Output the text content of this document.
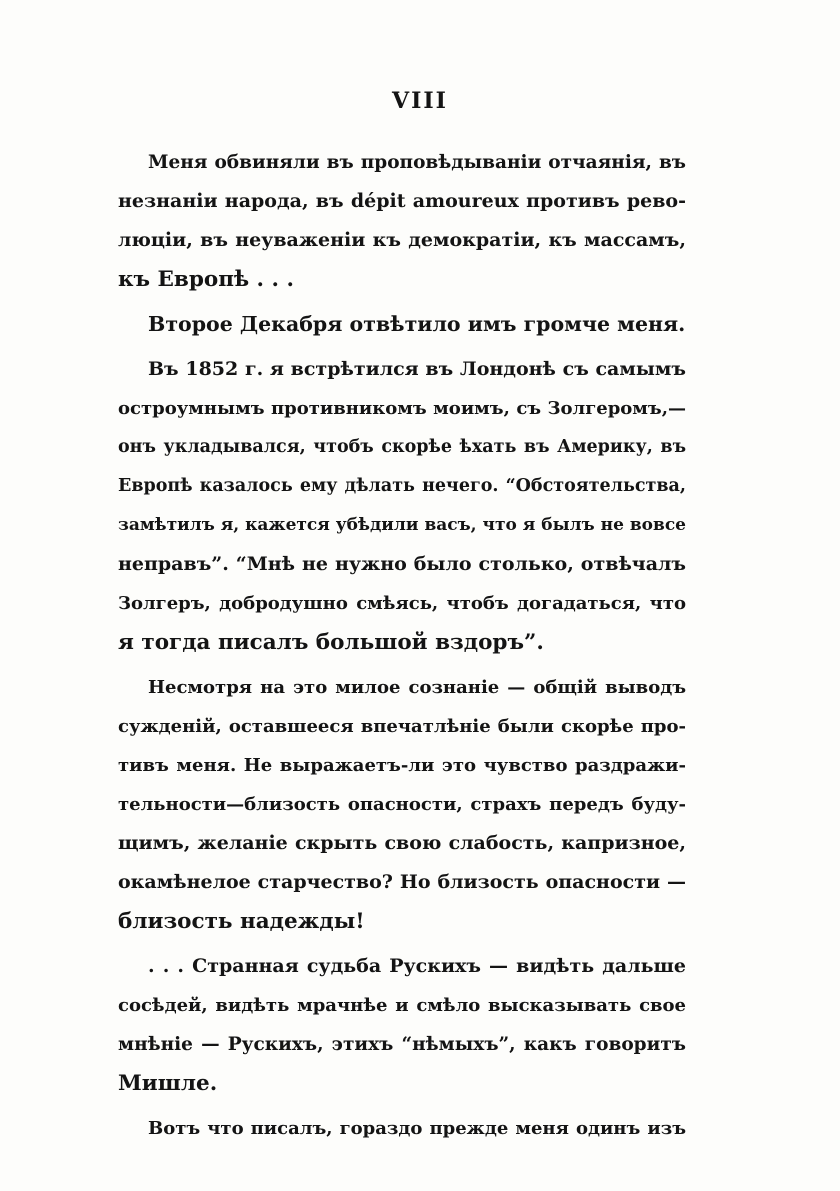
VIII
Меня обвиняли въ проповѣдываніи отчаянія, въ
незнаніи народа, въ dépit amoureux противъ рево-
люціи, въ неуваженіи къ демократіи, къ массамъ,
къ Европѣ . . .
Второе Декабря отвѣтило имъ громче меня.
Въ 1852 г. я встрѣтился въ Лондонѣ съ самымъ
остроумнымъ противникомъ моимъ, съ Золгеромъ,—
онъ укладывался, чтобъ скорѣе ѣхать въ Америку, въ
Европѣ казалось ему дѣлать нечего. “Обстоятельства,
замѣтилъ я, кажется убѣдили васъ, что я былъ не вовсе
неправъ”. “Мнѣ не нужно было столько, отвѣчалъ
Золгеръ, добродушно смѣясь, чтобъ догадаться, что
я тогда писалъ большой вздоръ”.
Несмотря на это милое сознаніе — общій выводъ
сужденій, оставшееся впечатлѣніе были скорѣе про-
тивъ меня. Не выражаетъ-ли это чувство раздражи-
тельности—близость опасности, страхъ передъ буду-
щимъ, желаніе скрыть свою слабость, капризное,
окамѣнелое старчество? Но близость опасности —
близость надежды!
. . . Странная судьба Рускихъ — видѣть дальше
сосѣдей, видѣть мрачнѣе и смѣло высказывать свое
мнѣніе — Рускихъ, этихъ “нѣмыхъ”, какъ говоритъ
Мишле.
Вотъ что писалъ, гораздо прежде меня одинъ изъ
